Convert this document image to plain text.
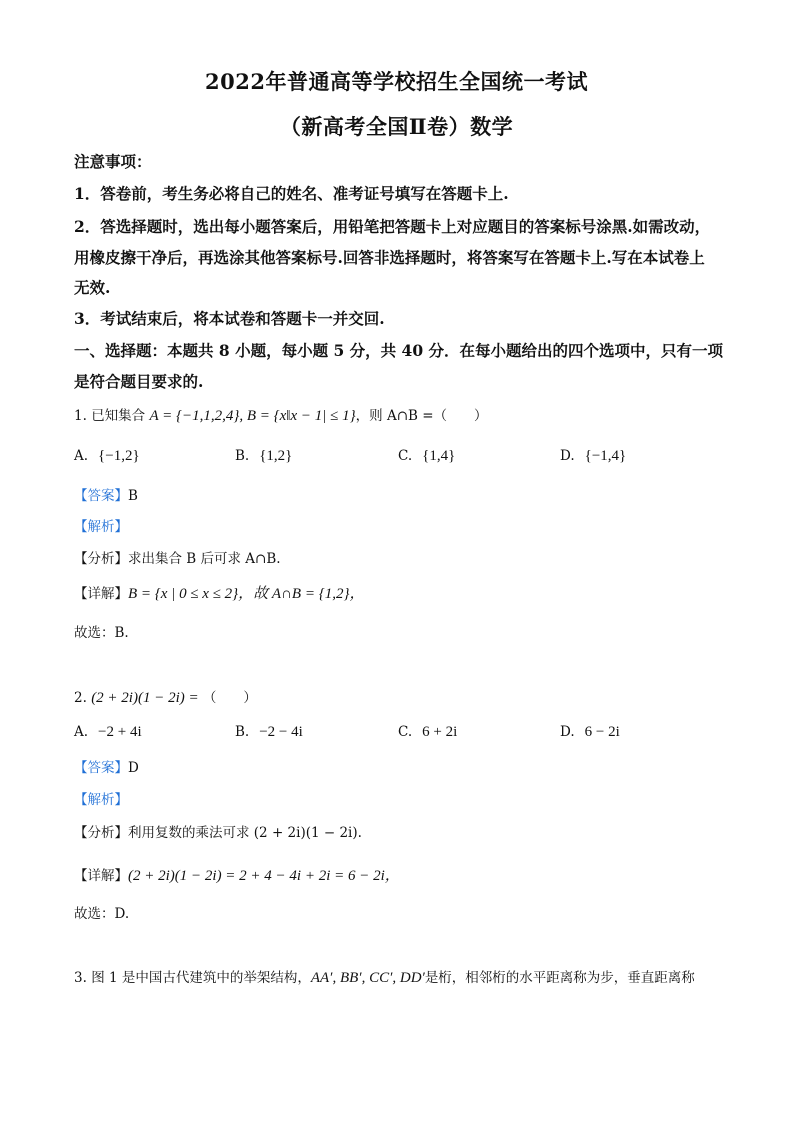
2022年普通高等学校招生全国统一考试
（新高考全国Ⅱ卷）数学
注意事项：
1．答卷前，考生务必将自己的姓名、准考证号填写在答题卡上.
2．答选择题时，选出每小题答案后，用铅笔把答题卡上对应题目的答案标号涂黑.如需改动，
用橡皮擦干净后，再选涂其他答案标号.回答非选择题时，将答案写在答题卡上.写在本试卷上
无效.
3．考试结束后，将本试卷和答题卡一并交回.
一、选择题：本题共 8 小题，每小题 5 分，共 40 分．在每小题给出的四个选项中，只有一项
是符合题目要求的.
1. 已知集合 A = {−1,1,2,4}, B = {x‖x − 1| ≤ 1}，则 A∩B =（　　）
A. {−1,2}	B. {1,2}	C. {1,4}	D. {−1,4}
【答案】B
【解析】
【分析】求出集合 B 后可求 A∩B.
【详解】B = {x | 0 ≤ x ≤ 2}，故 A∩B = {1,2}，
故选：B.
2. (2 + 2i)(1 − 2i) = （　　）
A. −2 + 4i	B. −2 − 4i	C. 6 + 2i	D. 6 − 2i
【答案】D
【解析】
【分析】利用复数的乘法可求 (2 + 2i)(1 − 2i).
【详解】(2 + 2i)(1 − 2i) = 2 + 4 − 4i + 2i = 6 − 2i，
故选：D.
3. 图 1 是中国古代建筑中的举架结构，AA′, BB′, CC′, DD′是桁，相邻桁的水平距离称为步，垂直距离称
